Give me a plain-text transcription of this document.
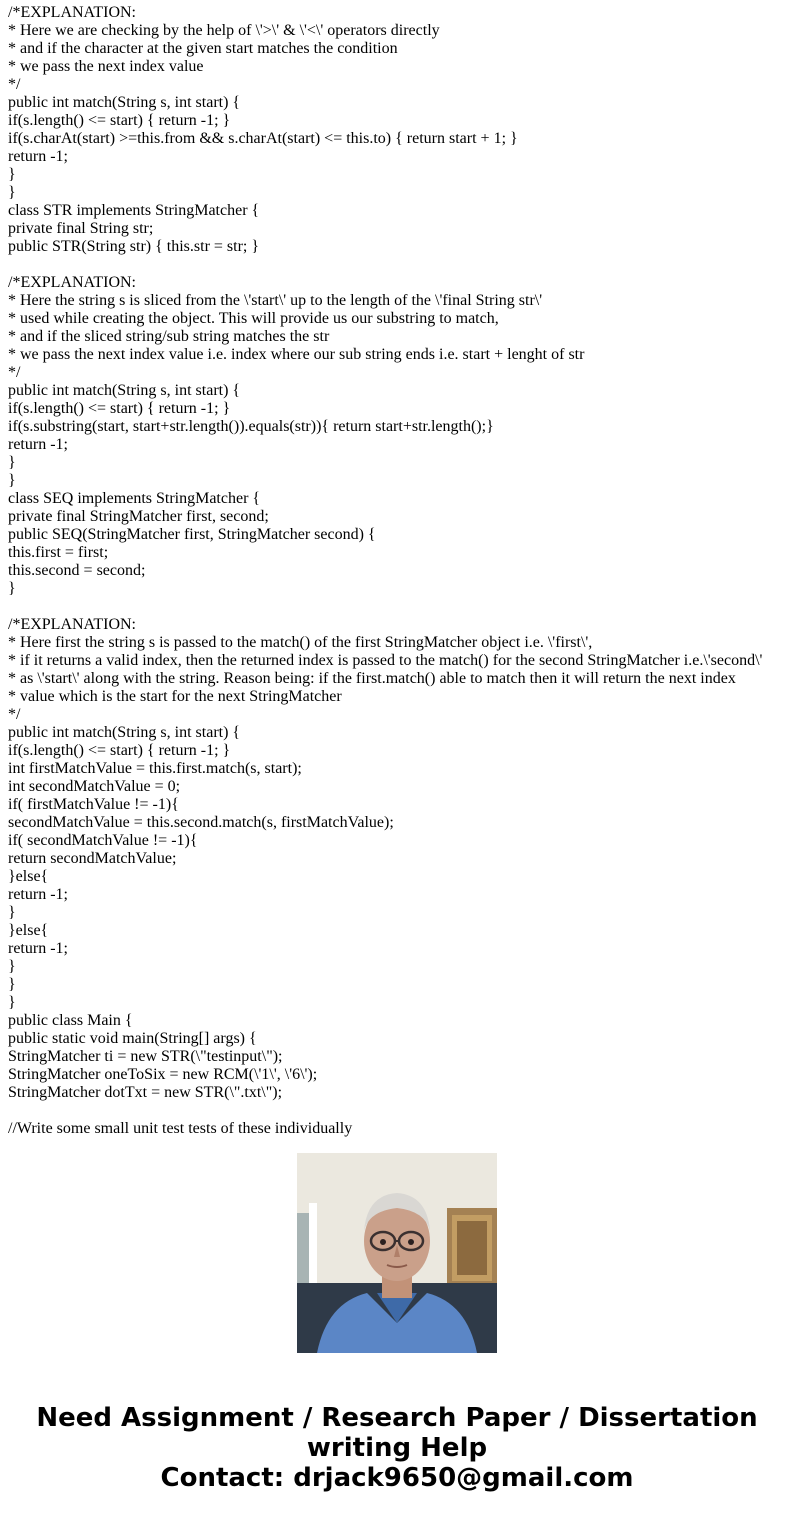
/*EXPLANATION:
* Here we are checking by the help of \'>\' & \'<\' operators directly
* and if the character at the given start matches the condition
* we pass the next index value
*/
public int match(String s, int start) {
if(s.length() <= start) { return -1; }
if(s.charAt(start) >=this.from && s.charAt(start) <= this.to) { return start + 1; }
return -1;
}
}
class STR implements StringMatcher {
private final String str;
public STR(String str) { this.str = str; }
/*EXPLANATION:
* Here the string s is sliced from the \'start\' up to the length of the \'final String str\'
* used while creating the object. This will provide us our substring to match,
* and if the sliced string/sub string matches the str
* we pass the next index value i.e. index where our sub string ends i.e. start + lenght of str
*/
public int match(String s, int start) {
if(s.length() <= start) { return -1; }
if(s.substring(start, start+str.length()).equals(str)){ return start+str.length();}
return -1;
}
}
class SEQ implements StringMatcher {
private final StringMatcher first, second;
public SEQ(StringMatcher first, StringMatcher second) {
this.first = first;
this.second = second;
}
/*EXPLANATION:
* Here first the string s is passed to the match() of the first StringMatcher object i.e. \'first\',
* if it returns a valid index, then the returned index is passed to the match() for the second StringMatcher i.e.\'second\'
* as \'start\' along with the string. Reason being: if the first.match() able to match then it will return the next index
* value which is the start for the next StringMatcher
*/
public int match(String s, int start) {
if(s.length() <= start) { return -1; }
int firstMatchValue = this.first.match(s, start);
int secondMatchValue = 0;
if( firstMatchValue != -1){
secondMatchValue = this.second.match(s, firstMatchValue);
if( secondMatchValue != -1){
return secondMatchValue;
}else{
return -1;
}
}else{
return -1;
}
}
}
public class Main {
public static void main(String[] args) {
StringMatcher ti = new STR(\"testinput\");
StringMatcher oneToSix = new RCM(\'1\', \'6\');
StringMatcher dotTxt = new STR(\".txt\");
//Write some small unit test tests of these individually
Need Assignment / Research Paper / Dissertation
writing Help
Contact: drjack9650@gmail.com
